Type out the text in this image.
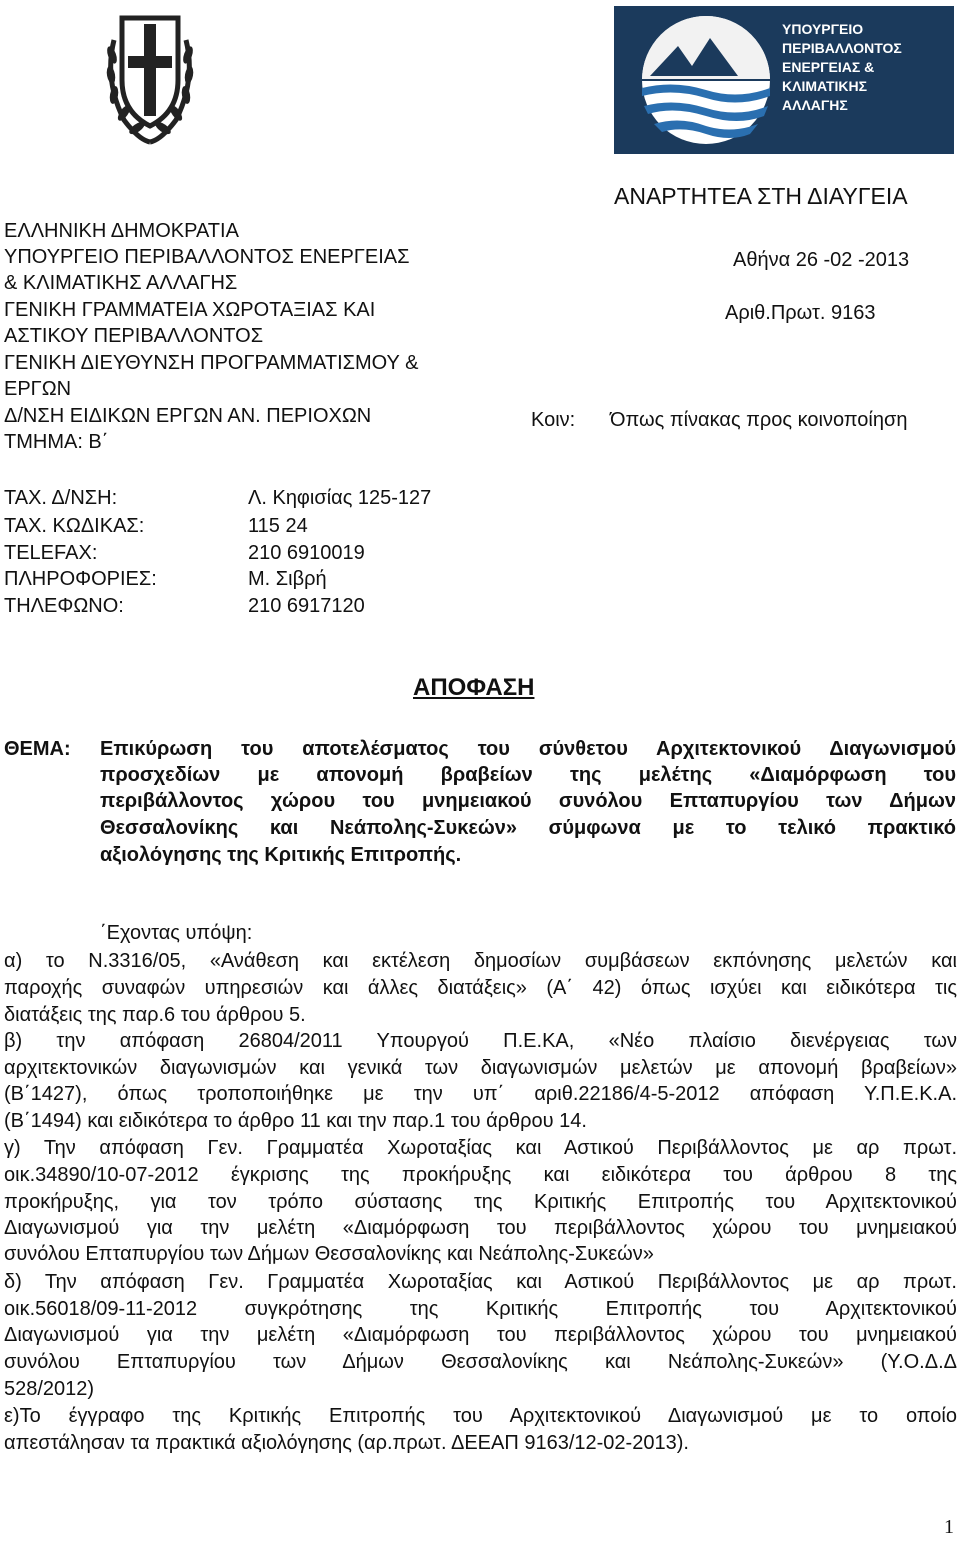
ΥΠΟΥΡΓΕΙΟ
ΠΕΡΙΒΑΛΛΟΝΤΟΣ
ΕΝΕΡΓΕΙΑΣ &
ΚΛΙΜΑΤΙΚΗΣ
ΑΛΛΑΓΗΣ
ΑΝΑΡΤΗΤΕΑ ΣΤΗ ΔΙΑΥΓΕΙΑ
Αθήνα 26 -02 -2013
Αριθ.Πρωτ. 9163
Κοιν: Όπως πίνακας προς κοινοποίηση
ΕΛΛΗΝΙΚΗ ΔΗΜΟΚΡΑΤΙΑ
ΥΠΟΥΡΓΕΙΟ ΠΕΡΙΒΑΛΛΟΝΤΟΣ ΕΝΕΡΓΕΙΑΣ
& ΚΛΙΜΑΤΙΚΗΣ ΑΛΛΑΓΗΣ
ΓΕΝΙΚΗ ΓΡΑΜΜΑΤΕΙΑ ΧΩΡΟΤΑΞΙΑΣ ΚΑΙ
ΑΣΤΙΚΟΥ ΠΕΡΙΒΑΛΛΟΝΤΟΣ
ΓΕΝΙΚΗ ΔΙΕΥΘΥΝΣΗ ΠΡΟΓΡΑΜΜΑΤΙΣΜΟΥ &
ΕΡΓΩΝ
Δ/ΝΣΗ ΕΙΔΙΚΩΝ ΕΡΓΩΝ ΑΝ. ΠΕΡΙΟΧΩΝ
ΤΜΗΜΑ: Β΄
ΤΑΧ. Δ/ΝΣΗ:	Λ. Κηφισίας 125-127
ΤΑΧ. ΚΩΔΙΚΑΣ:	115 24
TELEFAX:	210 6910019
ΠΛΗΡΟΦΟΡΙΕΣ:	Μ. Σιβρή
ΤΗΛΕΦΩΝΟ:	210 6917120
ΑΠΟΦΑΣΗ
ΘΕΜΑ: Επικύρωση του αποτελέσματος του σύνθετου Αρχιτεκτονικού Διαγωνισμού
προσχεδίων με απονομή βραβείων της μελέτης «Διαμόρφωση του
περιβάλλοντος χώρου του μνημειακού συνόλου Επταπυργίου των Δήμων
Θεσσαλονίκης και Νεάπολης-Συκεών» σύμφωνα με το τελικό πρακτικό
αξιολόγησης της Κριτικής Επιτροπής.
΄Εχοντας υπόψη:
α) το Ν.3316/05, «Ανάθεση και εκτέλεση δημοσίων συμβάσεων εκπόνησης μελετών και
παροχής συναφών υπηρεσιών και άλλες διατάξεις» (Α΄ 42) όπως ισχύει και ειδικότερα τις
διατάξεις της παρ.6 του άρθρου 5.
β) την απόφαση 26804/2011 Υπουργού Π.Ε.ΚΑ, «Νέο πλαίσιο διενέργειας των
αρχιτεκτονικών διαγωνισμών και γενικά των διαγωνισμών μελετών με απονομή βραβείων»
(Β΄1427), όπως τροποποιήθηκε με την υπ΄ αριθ.22186/4-5-2012 απόφαση Υ.Π.Ε.Κ.Α.
(Β΄1494) και ειδικότερα το άρθρο 11 και την παρ.1 του άρθρου 14.
γ) Την απόφαση Γεν. Γραμματέα Χωροταξίας και Αστικού Περιβάλλοντος με αρ πρωτ.
οικ.34890/10-07-2012 έγκρισης της προκήρυξης και ειδικότερα του άρθρου 8 της
προκήρυξης, για τον τρόπο σύστασης της Κριτικής Επιτροπής του Αρχιτεκτονικού
Διαγωνισμού για την μελέτη «Διαμόρφωση του περιβάλλοντος χώρου του μνημειακού
συνόλου Επταπυργίου των Δήμων Θεσσαλονίκης και Νεάπολης-Συκεών»
δ) Την απόφαση Γεν. Γραμματέα Χωροταξίας και Αστικού Περιβάλλοντος με αρ πρωτ.
οικ.56018/09-11-2012 συγκρότησης της Κριτικής Επιτροπής του Αρχιτεκτονικού
Διαγωνισμού για την μελέτη «Διαμόρφωση του περιβάλλοντος χώρου του μνημειακού
συνόλου Επταπυργίου των Δήμων Θεσσαλονίκης και Νεάπολης-Συκεών» (Υ.Ο.Δ.Δ
528/2012)
ε)Το έγγραφο της Κριτικής Επιτροπής του Αρχιτεκτονικού Διαγωνισμού με το οποίο
απεστάλησαν τα πρακτικά αξιολόγησης (αρ.πρωτ. ΔΕΕΑΠ 9163/12-02-2013).
1
